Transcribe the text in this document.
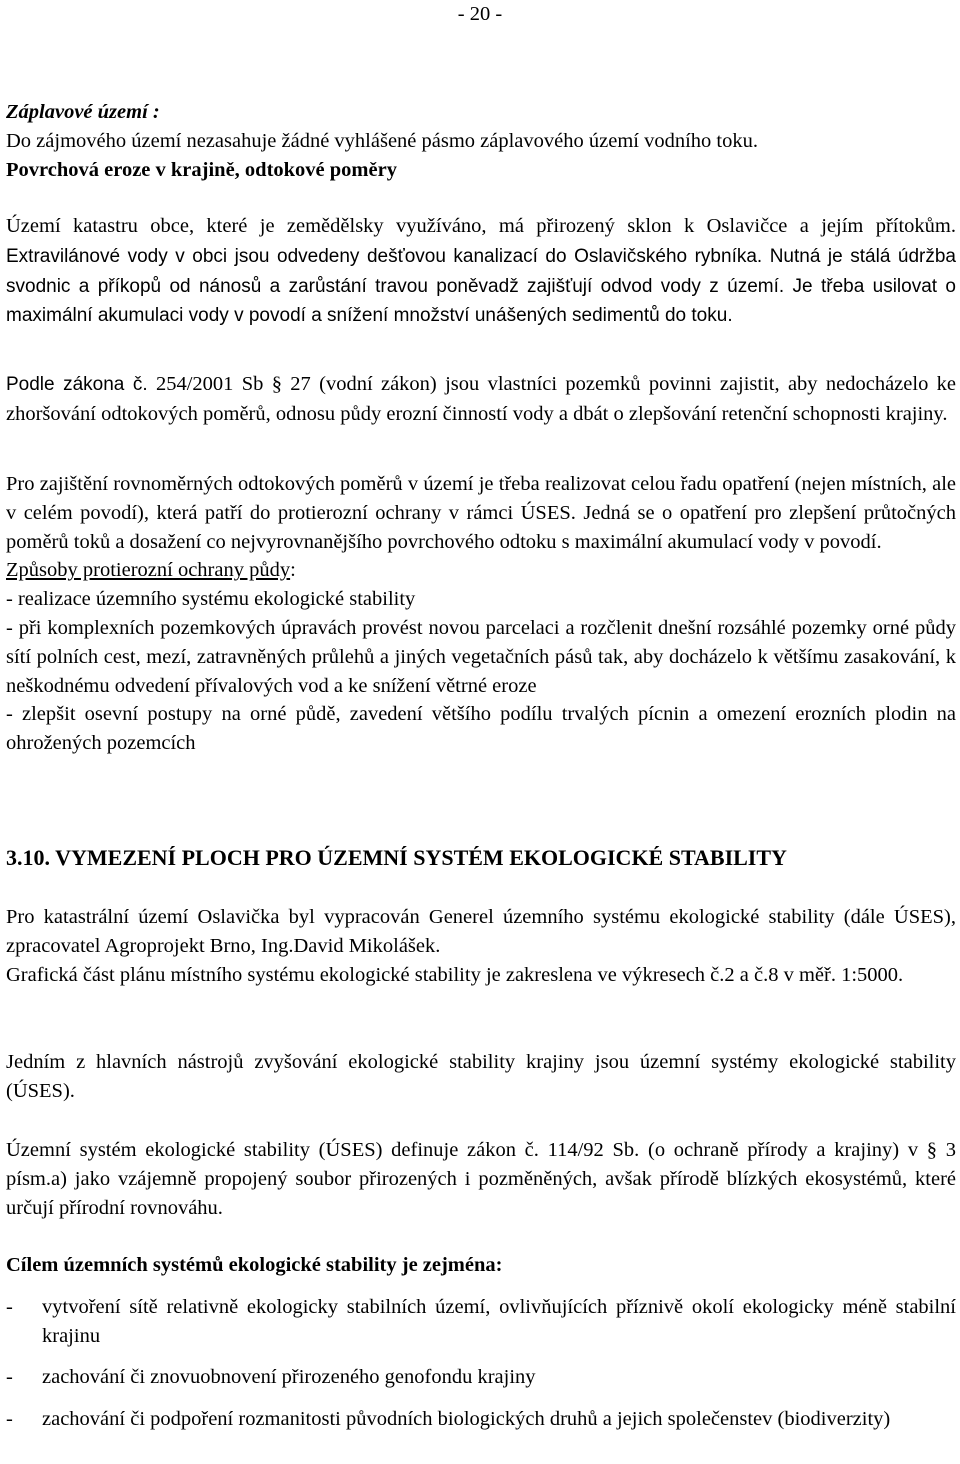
- 20 -

Záplavové území :

Do zájmového území nezasahuje žádné vyhlášené pásmo záplavového území vodního toku.

Povrchová eroze v krajině, odtokové poměry

Území katastru obce, které je zemědělsky využíváno, má přirozený sklon k Oslavičce a jejím přítokům. Extravilánové vody v obci jsou odvedeny dešťovou kanalizací do Oslavičského rybníka. Nutná je stálá údržba svodnic a příkopů od nánosů a zarůstání travou poněvadž zajišťují odvod vody z území. Je třeba usilovat o maximální akumulaci vody v povodí a snížení množství unášených sedimentů do toku.

Podle zákona č. 254/2001 Sb § 27 (vodní zákon) jsou vlastníci pozemků povinni zajistit, aby nedocházelo ke zhoršování odtokových poměrů, odnosu půdy erozní činností vody a dbát o zlepšování retenční schopnosti krajiny.

Pro zajištění rovnoměrných odtokových poměrů v území je třeba realizovat celou řadu opatření (nejen místních, ale v celém povodí), která patří do protierozní ochrany v rámci ÚSES. Jedná se o opatření pro zlepšení průtočných poměrů toků a dosažení co nejvyrovnanějšího povrchového odtoku s maximální akumulací vody v povodí.

Způsoby protierozní ochrany půdy:

- realizace územního systému ekologické stability

- při komplexních pozemkových úpravách provést novou parcelaci a rozčlenit dnešní rozsáhlé pozemky orné půdy sítí polních cest, mezí, zatravněných průlehů a jiných vegetačních pásů tak, aby docházelo k většímu zasakování, k neškodnému odvedení přívalových vod a ke snížení větrné eroze

- zlepšit osevní postupy na orné půdě, zavedení většího podílu trvalých pícnin a omezení erozních plodin na ohrožených pozemcích

3.10. VYMEZENÍ PLOCH PRO ÚZEMNÍ SYSTÉM EKOLOGICKÉ STABILITY

Pro katastrální území Oslavička byl vypracován Generel územního systému ekologické stability (dále ÚSES), zpracovatel Agroprojekt Brno, Ing.David Mikolášek.

Grafická část plánu místního systému ekologické stability je zakreslena ve výkresech č.2 a č.8 v měř. 1:5000.

Jedním z hlavních nástrojů zvyšování ekologické stability krajiny jsou územní systémy ekologické stability (ÚSES).

Územní systém ekologické stability (ÚSES) definuje zákon č. 114/92 Sb. (o ochraně přírody a krajiny) v § 3 písm.a) jako vzájemně propojený soubor přirozených i pozměněných, avšak přírodě blízkých ekosystémů, které určují přírodní rovnováhu.

Cílem územních systémů ekologické stability je zejména:

-	vytvoření sítě relativně ekologicky stabilních území, ovlivňujících příznivě okolí ekologicky méně stabilní krajinu
-	zachování či znovuobnovení přirozeného genofondu krajiny
-	zachování či podpoření rozmanitosti původních biologických druhů a jejich společenstev (biodiverzity)
